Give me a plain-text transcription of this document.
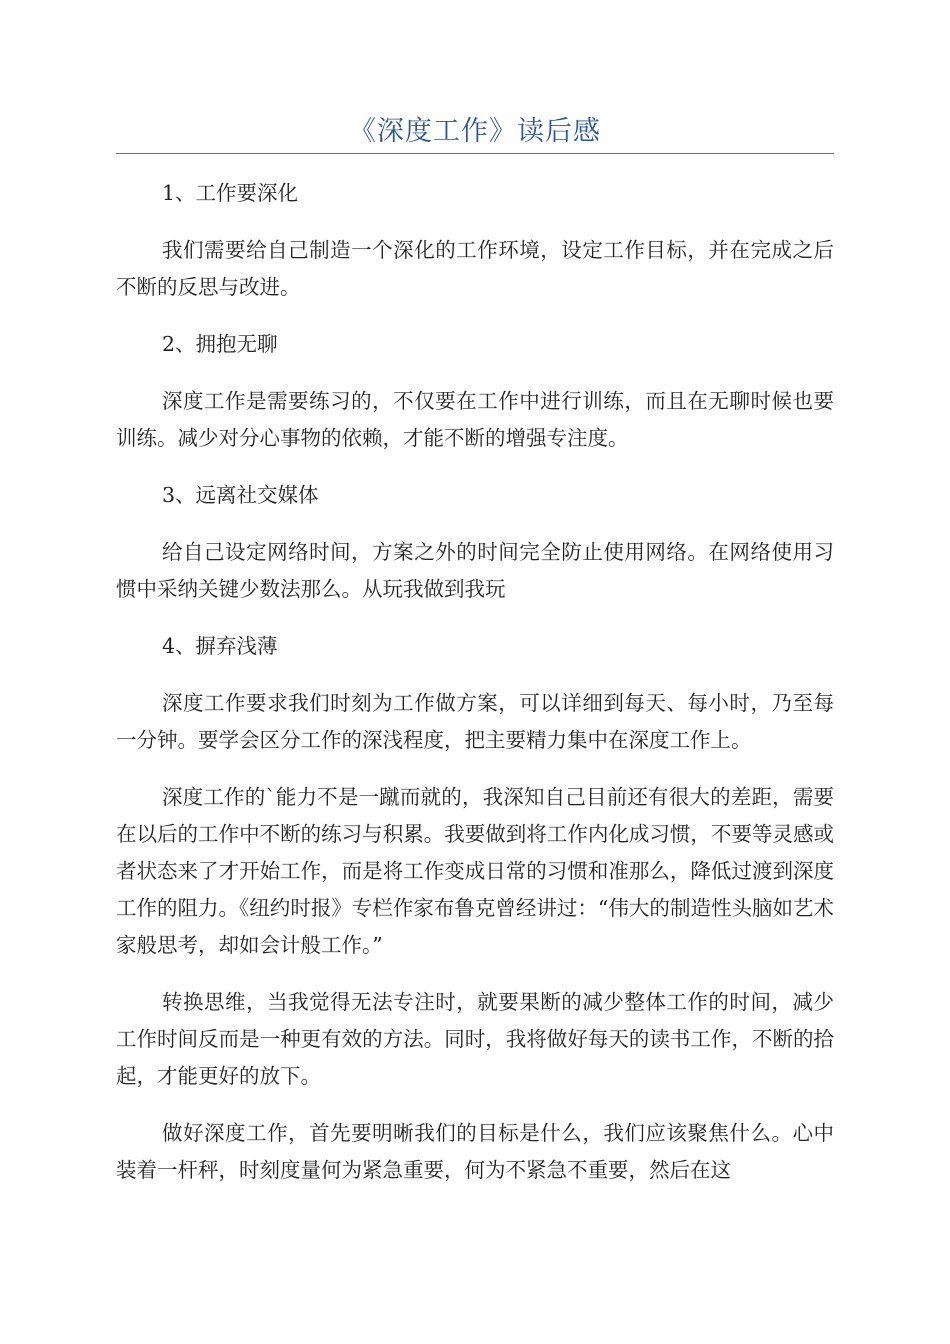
《深度工作》读后感

1、工作要深化

我们需要给自己制造一个深化的工作环境，设定工作目标，并在完成之后不断的反思与改进。

2、拥抱无聊

深度工作是需要练习的，不仅要在工作中进行训练，而且在无聊时候也要训练。减少对分心事物的依赖，才能不断的增强专注度。

3、远离社交媒体

给自己设定网络时间，方案之外的时间完全防止使用网络。在网络使用习惯中采纳关键少数法那么。从玩我做到我玩

4、摒弃浅薄

深度工作要求我们时刻为工作做方案，可以详细到每天、每小时，乃至每一分钟。要学会区分工作的深浅程度，把主要精力集中在深度工作上。

深度工作的`能力不是一蹴而就的，我深知自己目前还有很大的差距，需要在以后的工作中不断的练习与积累。我要做到将工作内化成习惯，不要等灵感或者状态来了才开始工作，而是将工作变成日常的习惯和准那么，降低过渡到深度工作的阻力。《纽约时报》专栏作家布鲁克曾经讲过：“伟大的制造性头脑如艺术家般思考，却如会计般工作。”

转换思维，当我觉得无法专注时，就要果断的减少整体工作的时间，减少工作时间反而是一种更有效的方法。同时，我将做好每天的读书工作，不断的拾起，才能更好的放下。

做好深度工作，首先要明晰我们的目标是什么，我们应该聚焦什么。心中装着一杆秤，时刻度量何为紧急重要，何为不紧急不重要，然后在这
